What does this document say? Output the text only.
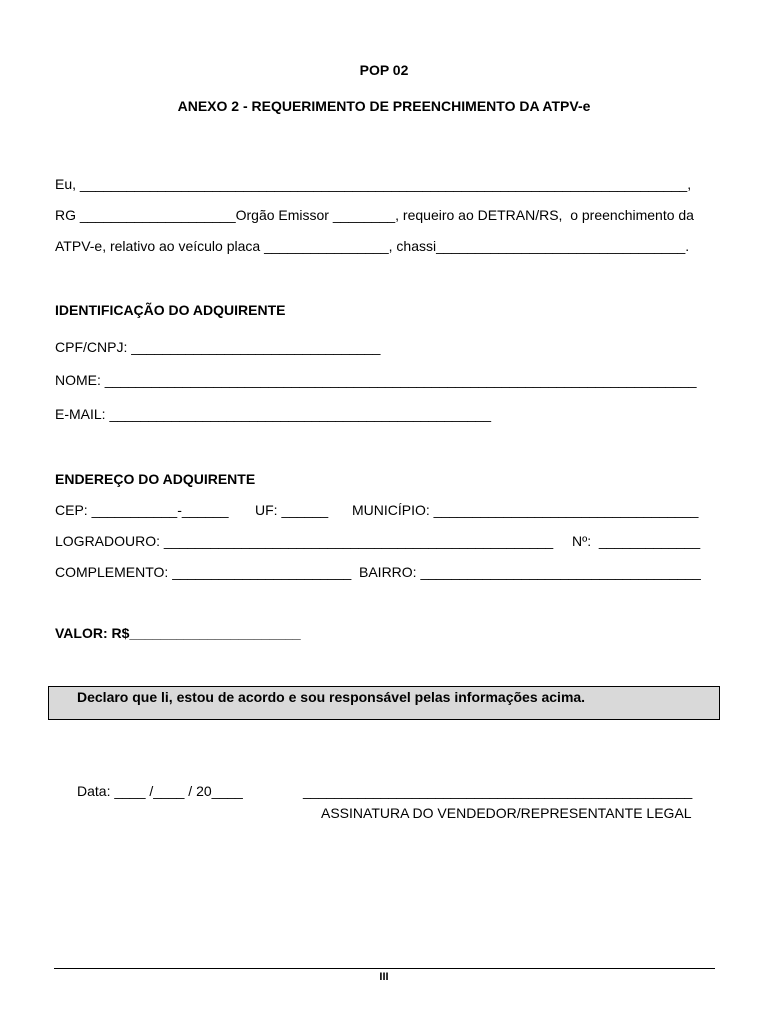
POP 02
ANEXO 2 - REQUERIMENTO DE PREENCHIMENTO DA ATPV-e
Eu, ______________________________________________________________________________,
RG ____________________Orgão Emissor ________, requeiro ao DETRAN/RS,  o preenchimento da
ATPV-e, relativo ao veículo placa ________________, chassi________________________________.
IDENTIFICAÇÃO DO ADQUIRENTE
CPF/CNPJ: ________________________________
NOME: ____________________________________________________________________________
E-MAIL: _________________________________________________
ENDEREÇO DO ADQUIRENTE
CEP: ___________-______ UF: ______ MUNICÍPIO: __________________________________
LOGRADOURO: __________________________________________________ Nº:  _____________
COMPLEMENTO: _______________________ BAIRRO: ____________________________________
VALOR: R$______________________
Declaro que li, estou de acordo e sou responsável pelas informações acima.
Data: ____ /____ / 20____	__________________________________________________
ASSINATURA DO VENDEDOR/REPRESENTANTE LEGAL
III
